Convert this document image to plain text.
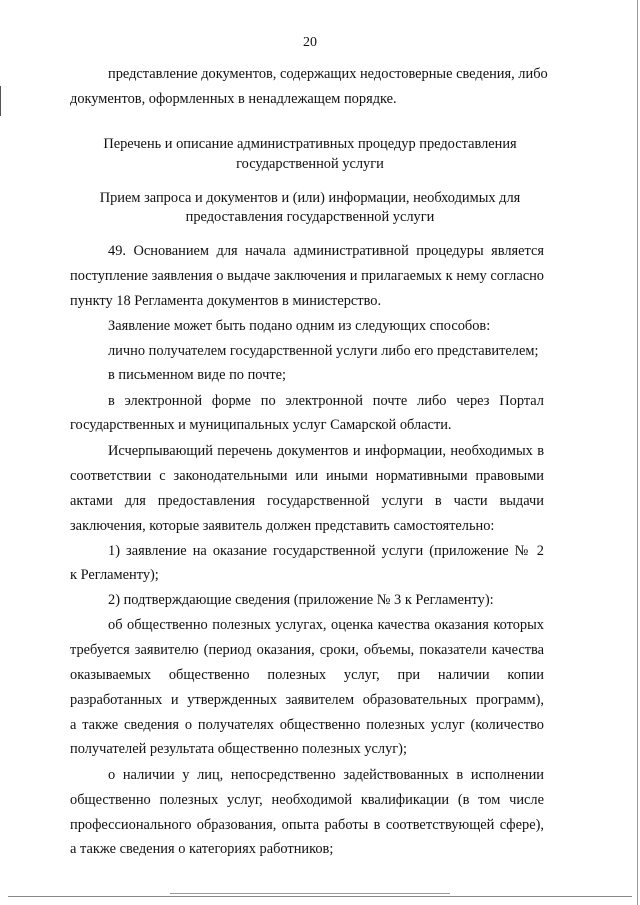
20
представление документов, содержащих недостоверные сведения, либо
документов, оформленных в ненадлежащем порядке.
Перечень и описание административных процедур предоставления
государственной услуги
Прием запроса и документов и (или) информации, необходимых для
предоставления государственной услуги
49. Основанием для начала административной процедуры является
поступление заявления о выдаче заключения и прилагаемых к нему согласно
пункту 18 Регламента документов в министерство.
Заявление может быть подано одним из следующих способов:
лично получателем государственной услуги либо его представителем;
в письменном виде по почте;
в электронной форме по электронной почте либо через Портал
государственных и муниципальных услуг Самарской области.
Исчерпывающий перечень документов и информации, необходимых в
соответствии с законодательными или иными нормативными правовыми
актами для предоставления государственной услуги в части выдачи
заключения, которые заявитель должен представить самостоятельно:
1) заявление на оказание государственной услуги (приложение № 2
к Регламенту);
2) подтверждающие сведения (приложение № 3 к Регламенту):
об общественно полезных услугах, оценка качества оказания которых
требуется заявителю (период оказания, сроки, объемы, показатели качества
оказываемых общественно полезных услуг, при наличии копии
разработанных и утвержденных заявителем образовательных программ),
а также сведения о получателях общественно полезных услуг (количество
получателей результата общественно полезных услуг);
о наличии у лиц, непосредственно задействованных в исполнении
общественно полезных услуг, необходимой квалификации (в том числе
профессионального образования, опыта работы в соответствующей сфере),
а также сведения о категориях работников;
